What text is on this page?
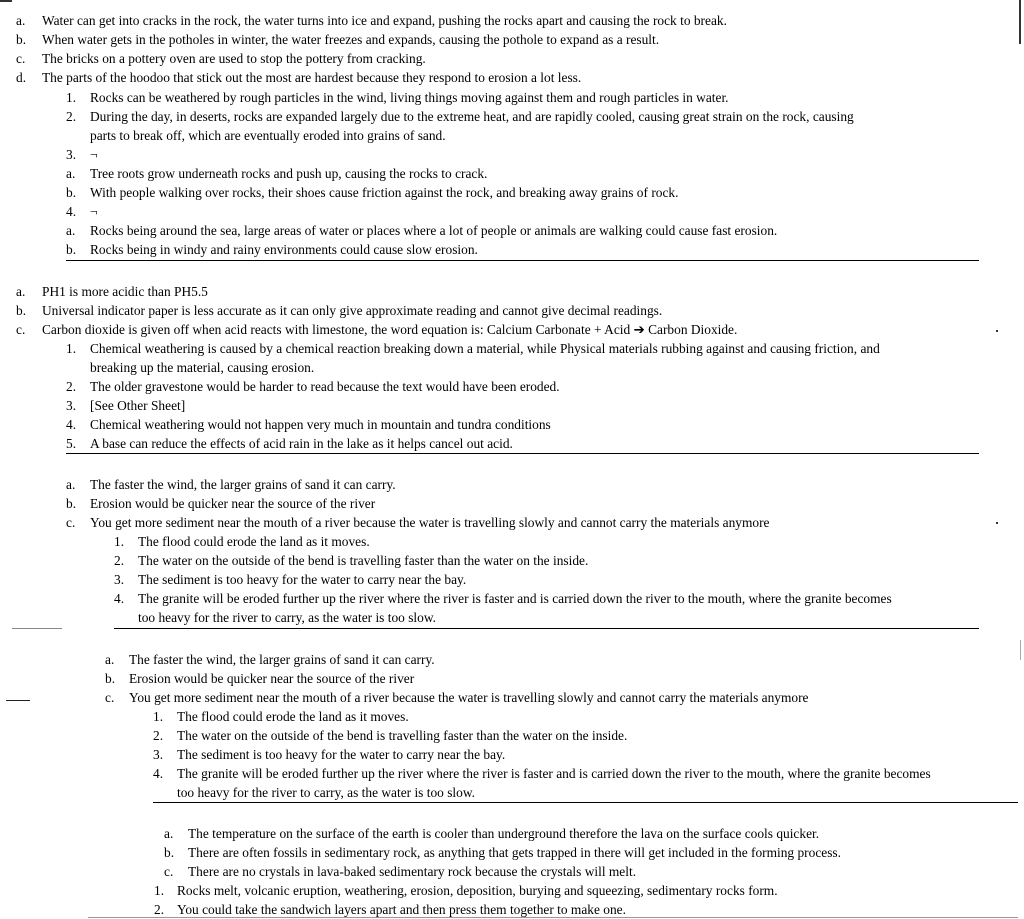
a. Water can get into cracks in the rock, the water turns into ice and expand, pushing the rocks apart and causing the rock to break.
b. When water gets in the potholes in winter, the water freezes and expands, causing the pothole to expand as a result.
c. The bricks on a pottery oven are used to stop the pottery from cracking.
d. The parts of the hoodoo that stick out the most are hardest because they respond to erosion a lot less.
1. Rocks can be weathered by rough particles in the wind, living things moving against them and rough particles in water.
2. During the day, in deserts, rocks are expanded largely due to the extreme heat, and are rapidly cooled, causing great strain on the rock, causing
parts to break off, which are eventually eroded into grains of sand.
3. ¬
a. Tree roots grow underneath rocks and push up, causing the rocks to crack.
b. With people walking over rocks, their shoes cause friction against the rock, and breaking away grains of rock.
4. ¬
a. Rocks being around the sea, large areas of water or places where a lot of people or animals are walking could cause fast erosion.
b. Rocks being in windy and rainy environments could cause slow erosion.
a. PH1 is more acidic than PH5.5
b. Universal indicator paper is less accurate as it can only give approximate reading and cannot give decimal readings.
c. Carbon dioxide is given off when acid reacts with limestone, the word equation is: Calcium Carbonate + Acid ➔ Carbon Dioxide.
1. Chemical weathering is caused by a chemical reaction breaking down a material, while Physical materials rubbing against and causing friction, and
breaking up the material, causing erosion.
2. The older gravestone would be harder to read because the text would have been eroded.
3. [See Other Sheet]
4. Chemical weathering would not happen very much in mountain and tundra conditions
5. A base can reduce the effects of acid rain in the lake as it helps cancel out acid.
a. The faster the wind, the larger grains of sand it can carry.
b. Erosion would be quicker near the source of the river
c. You get more sediment near the mouth of a river because the water is travelling slowly and cannot carry the materials anymore
1. The flood could erode the land as it moves.
2. The water on the outside of the bend is travelling faster than the water on the inside.
3. The sediment is too heavy for the water to carry near the bay.
4. The granite will be eroded further up the river where the river is faster and is carried down the river to the mouth, where the granite becomes
too heavy for the river to carry, as the water is too slow.
a. The faster the wind, the larger grains of sand it can carry.
b. Erosion would be quicker near the source of the river
c. You get more sediment near the mouth of a river because the water is travelling slowly and cannot carry the materials anymore
1. The flood could erode the land as it moves.
2. The water on the outside of the bend is travelling faster than the water on the inside.
3. The sediment is too heavy for the water to carry near the bay.
4. The granite will be eroded further up the river where the river is faster and is carried down the river to the mouth, where the granite becomes
too heavy for the river to carry, as the water is too slow.
a. The temperature on the surface of the earth is cooler than underground therefore the lava on the surface cools quicker.
b. There are often fossils in sedimentary rock, as anything that gets trapped in there will get included in the forming process.
c. There are no crystals in lava-baked sedimentary rock because the crystals will melt.
1. Rocks melt, volcanic eruption, weathering, erosion, deposition, burying and squeezing, sedimentary rocks form.
2. You could take the sandwich layers apart and then press them together to make one.
